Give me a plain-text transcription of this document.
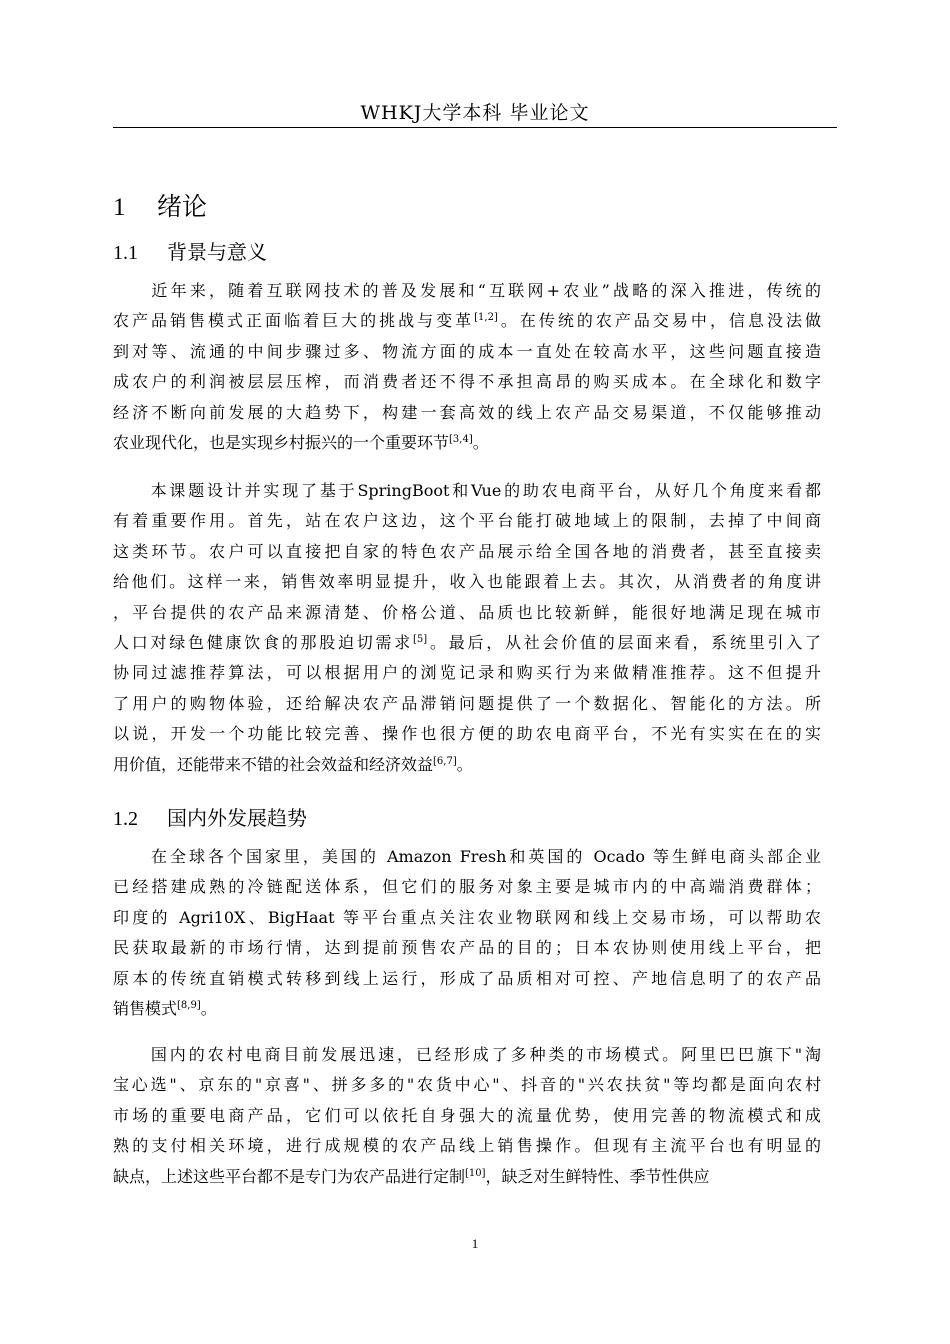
WHKJ大学本科 毕业论文
1 绪论
1.1 背景与意义
　　近年来，随着互联网技术的普及发展和“互联网+农业”战略的深入推进，传统的
农产品销售模式正面临着巨大的挑战与变革[1,2]。在传统的农产品交易中，信息没法做
到对等、流通的中间步骤过多、物流方面的成本一直处在较高水平，这些问题直接造
成农户的利润被层层压榨，而消费者还不得不承担高昂的购买成本。在全球化和数字
经济不断向前发展的大趋势下，构建一套高效的线上农产品交易渠道，不仅能够推动
农业现代化，也是实现乡村振兴的一个重要环节[3,4]。
　　本课题设计并实现了基于SpringBoot和Vue的助农电商平台，从好几个角度来看都
有着重要作用。首先，站在农户这边，这个平台能打破地域上的限制，去掉了中间商
这类环节。农户可以直接把自家的特色农产品展示给全国各地的消费者，甚至直接卖
给他们。这样一来，销售效率明显提升，收入也能跟着上去。其次，从消费者的角度讲
，平台提供的农产品来源清楚、价格公道、品质也比较新鲜，能很好地满足现在城市
人口对绿色健康饮食的那股迫切需求[5]。最后，从社会价值的层面来看，系统里引入了
协同过滤推荐算法，可以根据用户的浏览记录和购买行为来做精准推荐。这不但提升
了用户的购物体验，还给解决农产品滞销问题提供了一个数据化、智能化的方法。所
以说，开发一个功能比较完善、操作也很方便的助农电商平台，不光有实实在在的实
用价值，还能带来不错的社会效益和经济效益[6,7]。
1.2 国内外发展趋势
　　在全球各个国家里，美国的 Amazon Fresh和英国的 Ocado 等生鲜电商头部企业
已经搭建成熟的冷链配送体系，但它们的服务对象主要是城市内的中高端消费群体；
印度的 Agri10X、BigHaat 等平台重点关注农业物联网和线上交易市场，可以帮助农
民获取最新的市场行情，达到提前预售农产品的目的；日本农协则使用线上平台，把
原本的传统直销模式转移到线上运行，形成了品质相对可控、产地信息明了的农产品
销售模式[8,9]。
　　国内的农村电商目前发展迅速，已经形成了多种类的市场模式。阿里巴巴旗下"淘
宝心选"、京东的"京喜"、拼多多的"农货中心"、抖音的"兴农扶贫"等均都是面向农村
市场的重要电商产品，它们可以依托自身强大的流量优势，使用完善的物流模式和成
熟的支付相关环境，进行成规模的农产品线上销售操作。但现有主流平台也有明显的
缺点，上述这些平台都不是专门为农产品进行定制[10]，缺乏对生鲜特性、季节性供应
1
